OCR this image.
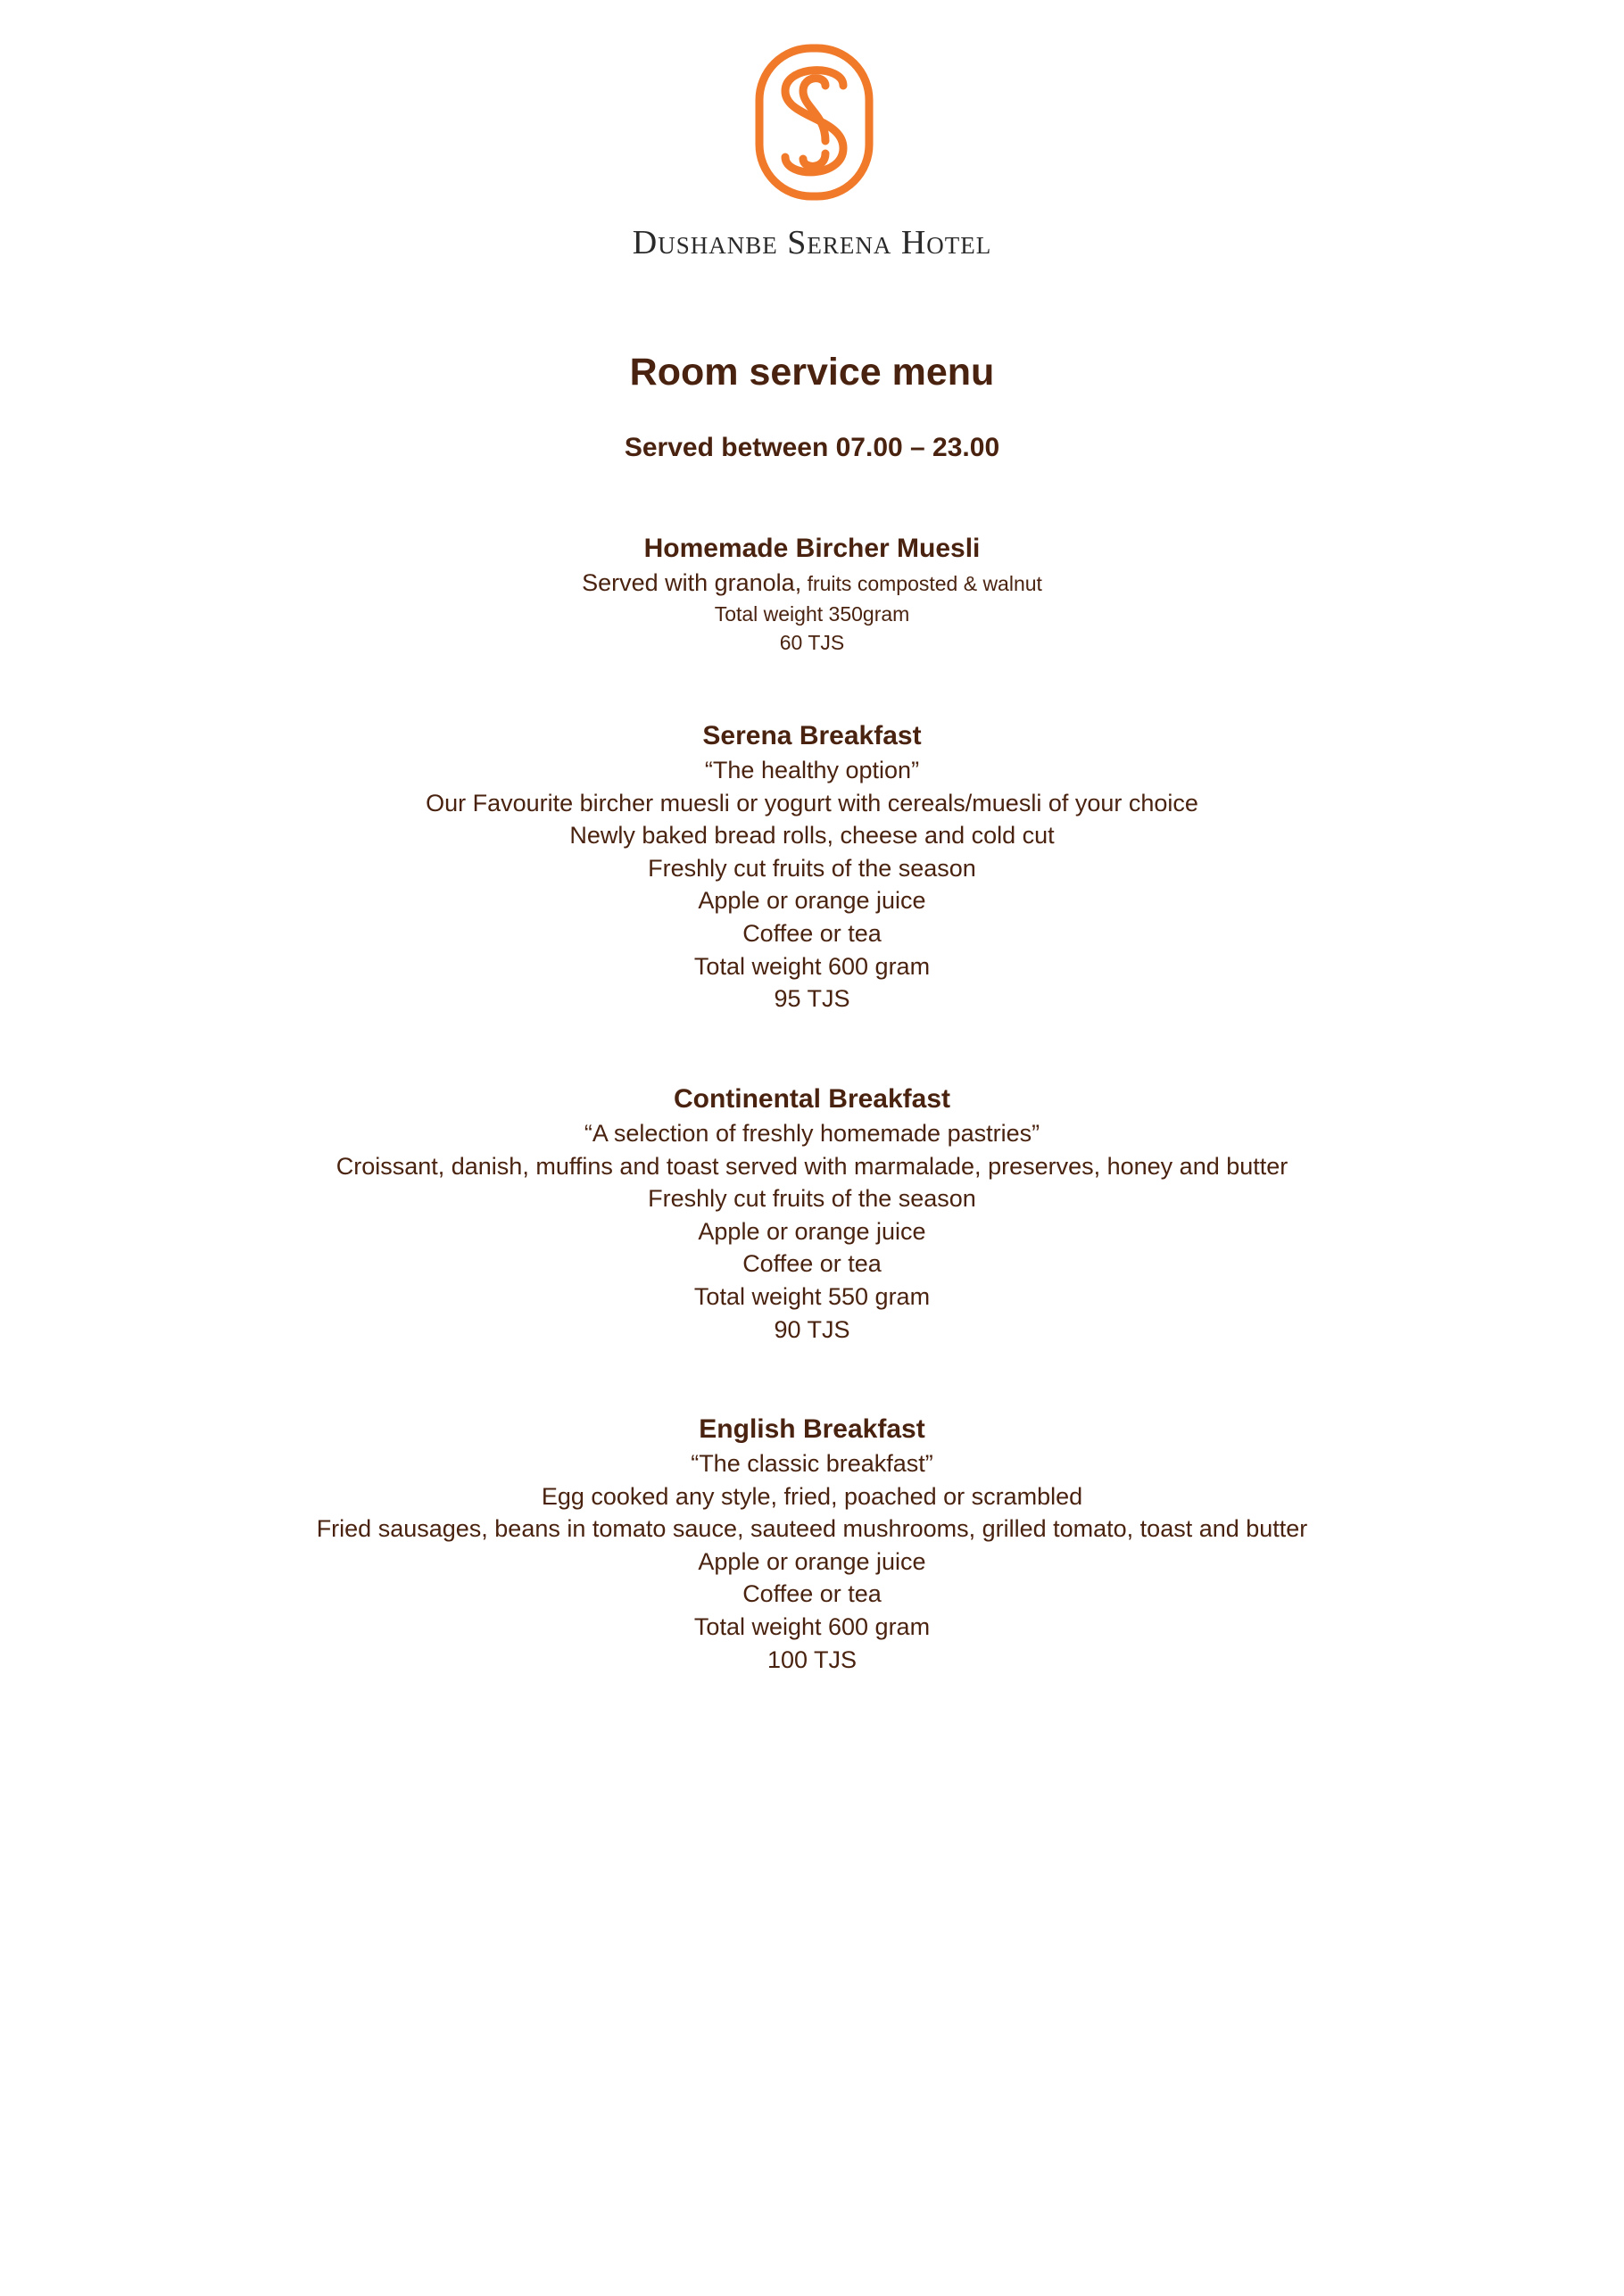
Dushanbe Serena Hotel
Room service menu
Served between 07.00 – 23.00
Homemade Bircher Muesli
Served with granola, fruits composted & walnut
Total weight 350gram
60 TJS
Serena Breakfast
“The healthy option”
Our Favourite bircher muesli or yogurt with cereals/muesli of your choice
Newly baked bread rolls, cheese and cold cut
Freshly cut fruits of the season
Apple or orange juice
Coffee or tea
Total weight 600 gram
95 TJS
Continental Breakfast
“A selection of freshly homemade pastries”
Croissant, danish, muffins and toast served with marmalade, preserves, honey and butter
Freshly cut fruits of the season
Apple or orange juice
Coffee or tea
Total weight 550 gram
90 TJS
English Breakfast
“The classic breakfast”
Egg cooked any style, fried, poached or scrambled
Fried sausages, beans in tomato sauce, sauteed mushrooms, grilled tomato, toast and butter
Apple or orange juice
Coffee or tea
Total weight 600 gram
100 TJS
